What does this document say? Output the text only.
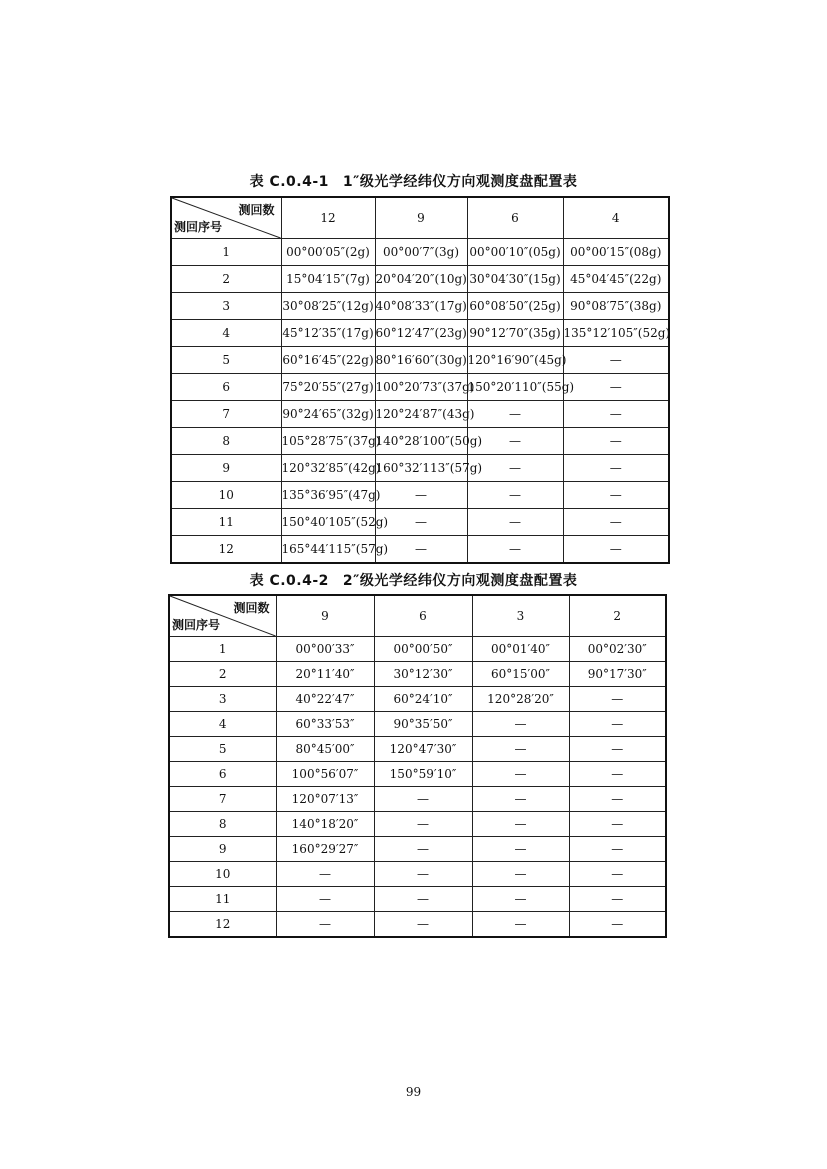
表 C.0.4-1 1″级光学经纬仪方向观测度盘配置表
测回数
测回序号	12	9	6	4
1	00°00′05″(2g)	00°00′7″(3g)	00°00′10″(05g)	00°00′15″(08g)
2	15°04′15″(7g)	20°04′20″(10g)	30°04′30″(15g)	45°04′45″(22g)
3	30°08′25″(12g)	40°08′33″(17g)	60°08′50″(25g)	90°08′75″(38g)
4	45°12′35″(17g)	60°12′47″(23g)	90°12′70″(35g)	135°12′105″(52g)
5	60°16′45″(22g)	80°16′60″(30g)	120°16′90″(45g)	—
6	75°20′55″(27g)	100°20′73″(37g)	150°20′110″(55g)	—
7	90°24′65″(32g)	120°24′87″(43g)	—	—
8	105°28′75″(37g)	140°28′100″(50g)	—	—
9	120°32′85″(42g)	160°32′113″(57g)	—	—
10	135°36′95″(47g)	—	—	—
11	150°40′105″(52g)	—	—	—
12	165°44′115″(57g)	—	—	—
表 C.0.4-2 2″级光学经纬仪方向观测度盘配置表
测回数
测回序号	9	6	3	2
1	00°00′33″	00°00′50″	00°01′40″	00°02′30″
2	20°11′40″	30°12′30″	60°15′00″	90°17′30″
3	40°22′47″	60°24′10″	120°28′20″	—
4	60°33′53″	90°35′50″	—	—
5	80°45′00″	120°47′30″	—	—
6	100°56′07″	150°59′10″	—	—
7	120°07′13″	—	—	—
8	140°18′20″	—	—	—
9	160°29′27″	—	—	—
10	—	—	—	—
11	—	—	—	—
12	—	—	—	—
99
